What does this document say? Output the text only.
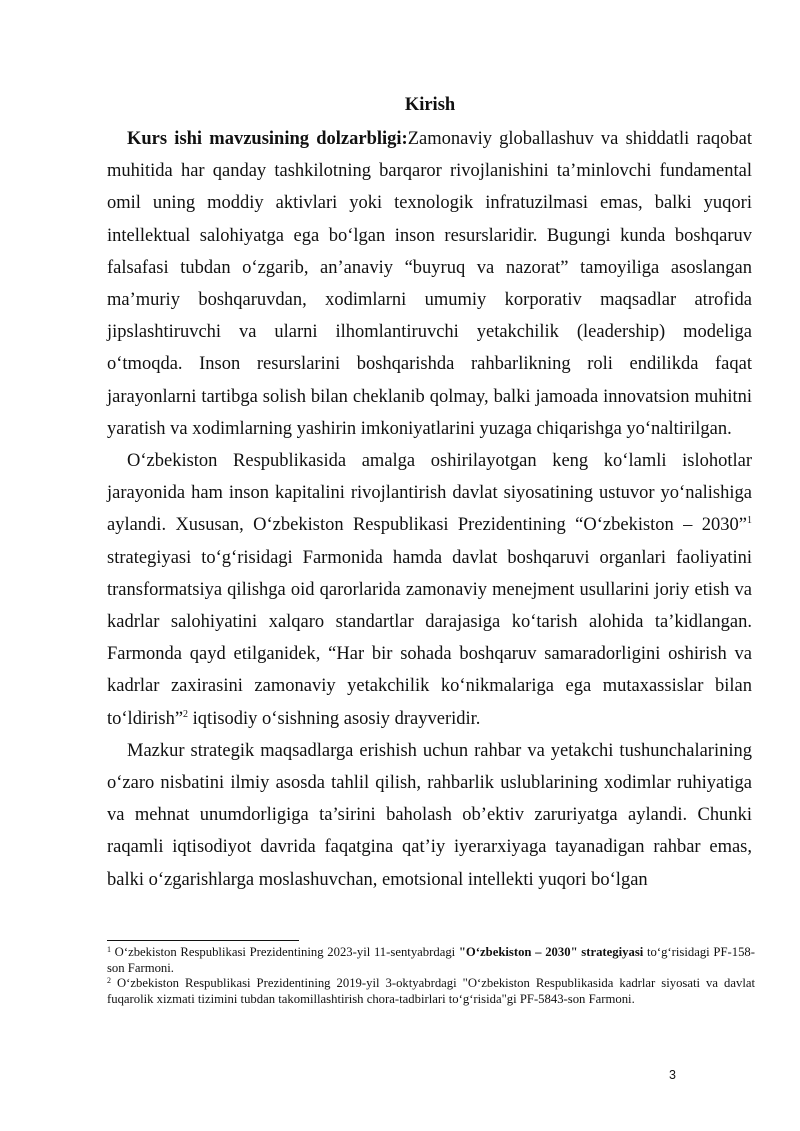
Kirish

Kurs ishi mavzusining dolzarbligi:Zamonaviy globallashuv va shiddatli raqobat muhitida har qanday tashkilotning barqaror rivojlanishini ta’minlovchi fundamental omil uning moddiy aktivlari yoki texnologik infratuzilmasi emas, balki yuqori intellektual salohiyatga ega bo‘lgan inson resurslaridir. Bugungi kunda boshqaruv falsafasi tubdan o‘zgarib, an’anaviy “buyruq va nazorat” tamoyiliga asoslangan ma’muriy boshqaruvdan, xodimlarni umumiy korporativ maqsadlar atrofida jipslashtiruvchi va ularni ilhomlantiruvchi yetakchilik (leadership) modeliga o‘tmoqda. Inson resurslarini boshqarishda rahbarlikning roli endilikda faqat jarayonlarni tartibga solish bilan cheklanib qolmay, balki jamoada innovatsion muhitni yaratish va xodimlarning yashirin imkoniyatlarini yuzaga chiqarishga yo‘naltirilgan.

O‘zbekiston Respublikasida amalga oshirilayotgan keng ko‘lamli islohotlar jarayonida ham inson kapitalini rivojlantirish davlat siyosatining ustuvor yo‘nalishiga aylandi. Xususan, O‘zbekiston Respublikasi Prezidentining “O‘zbekiston – 2030”$^1$ strategiyasi to‘g‘risidagi Farmonida hamda davlat boshqaruvi organlari faoliyatini transformatsiya qilishga oid qarorlarida zamonaviy menejment usullarini joriy etish va kadrlar salohiyatini xalqaro standartlar darajasiga ko‘tarish alohida ta’kidlangan. Farmonda qayd etilganidek, “Har bir sohada boshqaruv samaradorligini oshirish va kadrlar zaxirasini zamonaviy yetakchilik ko‘nikmalariga ega mutaxassislar bilan to‘ldirish”$^2$ iqtisodiy o‘sishning asosiy drayveridir.

Mazkur strategik maqsadlarga erishish uchun rahbar va yetakchi tushunchalarining o‘zaro nisbatini ilmiy asosda tahlil qilish, rahbarlik uslublarining xodimlar ruhiyatiga va mehnat unumdorligiga ta’sirini baholash ob’ektiv zaruriyatga aylandi. Chunki raqamli iqtisodiyot davrida faqatgina qat’iy iyerarxiyaga tayanadigan rahbar emas, balki o‘zgarishlarga moslashuvchan, emotsional intellekti yuqori bo‘lgan

$^1$ O‘zbekiston Respublikasi Prezidentining 2023-yil 11-sentyabrdagi "O‘zbekiston – 2030" strategiyasi to‘g‘risidagi PF-158-son Farmoni.

$^2$ O‘zbekiston Respublikasi Prezidentining 2019-yil 3-oktyabrdagi "O‘zbekiston Respublikasida kadrlar siyosati va davlat fuqarolik xizmati tizimini tubdan takomillashtirish chora-tadbirlari to‘g‘risida"gi PF-5843-son Farmoni.

3
